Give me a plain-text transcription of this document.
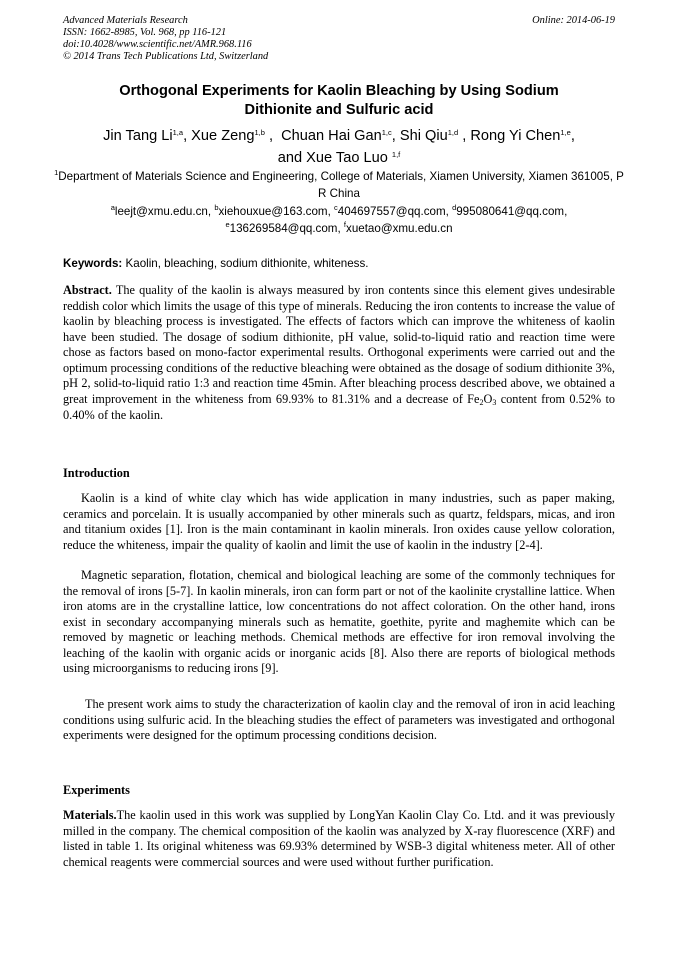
Advanced Materials Research
ISSN: 1662-8985, Vol. 968, pp 116-121
doi:10.4028/www.scientific.net/AMR.968.116
© 2014 Trans Tech Publications Ltd, Switzerland
Online: 2014-06-19
Orthogonal Experiments for Kaolin Bleaching by Using Sodium
Dithionite and Sulfuric acid
Jin Tang Li$^{1,a}$, Xue Zeng$^{1,b}$ ,  Chuan Hai Gan$^{1,c}$, Shi Qiu$^{1,d}$ , Rong Yi Chen$^{1,e}$,
and Xue Tao Luo $^{1,f}$
$^1$Department of Materials Science and Engineering, College of Materials, Xiamen University, Xiamen 361005, P R China
$^a$leejt@xmu.edu.cn, $^b$xiehouxue@163.com, $^c$404697557@qq.com, $^d$995080641@qq.com,
$^e$136269584@qq.com, $^f$xuetao@xmu.edu.cn
Keywords: Kaolin, bleaching, sodium dithionite, whiteness.
Abstract. The quality of the kaolin is always measured by iron contents since this element gives undesirable reddish color which limits the usage of this type of minerals. Reducing the iron contents to increase the value of kaolin by bleaching process is investigated. The effects of factors which can improve the whiteness of kaolin have been studied. The dosage of sodium dithionite, pH value, solid-to-liquid ratio and reaction time were chose as factors based on mono-factor experimental results. Orthogonal experiments were carried out and the optimum processing conditions of the reductive bleaching were obtained as the dosage of sodium dithionite 3%, pH 2, solid-to-liquid ratio 1:3 and reaction time 45min. After bleaching process described above, we obtained a great improvement in the whiteness from 69.93% to 81.31% and a decrease of $Fe_2O_3$ content from 0.52% to 0.40% of the kaolin.
Introduction
Kaolin is a kind of white clay which has wide application in many industries, such as paper making, ceramics and porcelain. It is usually accompanied by other minerals such as quartz, feldspars, micas, and iron and titanium oxides [1]. Iron is the main contaminant in kaolin minerals. Iron oxides cause yellow coloration, reduce the whiteness, impair the quality of kaolin and limit the use of kaolin in the industry [2-4].
Magnetic separation, flotation, chemical and biological leaching are some of the commonly techniques for the removal of irons [5-7]. In kaolin minerals, iron can form part or not of the kaolinite crystalline lattice. When iron atoms are in the crystalline lattice, low concentrations do not affect coloration. On the other hand, irons exist in secondary accompanying minerals such as hematite, goethite, pyrite and maghemite which can be removed by magnetic or leaching methods. Chemical methods are effective for iron removal involving the leaching of the kaolin with organic acids or inorganic acids [8]. Also there are reports of biological methods using microorganisms to reducing irons [9].
The present work aims to study the characterization of kaolin clay and the removal of iron in acid leaching conditions using sulfuric acid. In the bleaching studies the effect of parameters was investigated and orthogonal experiments were designed for the optimum processing conditions decision.
Experiments
Materials.The kaolin used in this work was supplied by LongYan Kaolin Clay Co. Ltd. and it was previously milled in the company. The chemical composition of the kaolin was analyzed by X-ray fluorescence (XRF) and listed in table 1. Its original whiteness was 69.93% determined by WSB-3 digital whiteness meter. All of other chemical reagents were commercial sources and were used without further purification.
